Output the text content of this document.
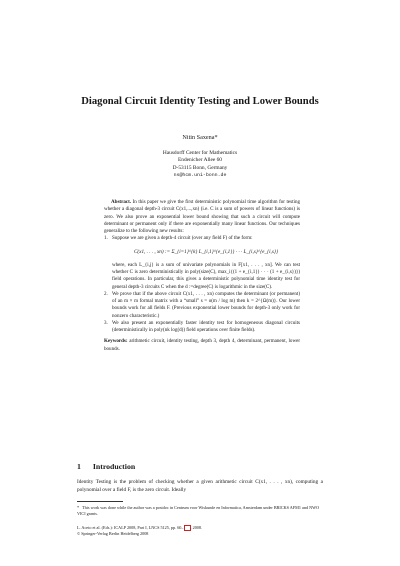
Diagonal Circuit Identity Testing and Lower Bounds
Nitin Saxena*
Hausdorff Center for Mathematics
Endenicher Allee 60
D-53115 Bonn, Germany
ns@hcm.uni-bonn.de
Abstract. In this paper we give the first deterministic polynomial time algorithm for testing whether a diagonal depth-3 circuit C(x1,...,xn) (i.e. C is a sum of powers of linear functions) is zero. We also prove an exponential lower bound showing that such a circuit will compute determinant or permanent only if there are exponentially many linear functions. Our techniques generalize to the following new results:
1. Suppose we are given a depth-4 circuit (over any field F) of the form:
C(x1, . . . , xn) := Σ_{i=1}^{k} L_{i,1}^{e_{i,1}} · · · L_{i,s}^{e_{i,s}}
where, each L_{i,j} is a sum of univariate polynomials in F[x1, . . . , xn]. We can test whether C is zero deterministically in poly(size(C), max_i{(1 + e_{i,1}) · · · (1 + e_{i,s})}) field operations. In particular, this gives a deterministic polynomial time identity test for general depth-3 circuits C when the d :=degree(C) is logarithmic in the size(C).
2. We prove that if the above circuit C(x1, . . . , xn) computes the determinant (or permanent) of an m × m formal matrix with a “small” s = o(m / log m) then k = 2^{Ω(m)}. Our lower bounds work for all fields F. (Previous exponential lower bounds for depth-3 only work for nonzero characteristic.)
3. We also present an exponentially faster identity test for homogeneous diagonal circuits (deterministically in poly(nk log(d)) field operations over finite fields).
Keywords: arithmetic circuit, identity testing, depth 3, depth 4, determinant, permanent, lower bounds.
1 Introduction
Identity Testing is the problem of checking whether a given arithmetic circuit C(x1, . . . , xn), computing a polynomial over a field F, is the zero circuit. Ideally
* This work was done while the author was a postdoc in Centrum voor Wiskunde en Informatica, Amsterdam under BRICKS AFM1 and NWO VICI grants.
L. Aceto et al. (Eds.): ICALP 2008, Part I, LNCS 5125, pp. 60– , 2008.
© Springer-Verlag Berlin Heidelberg 2008
